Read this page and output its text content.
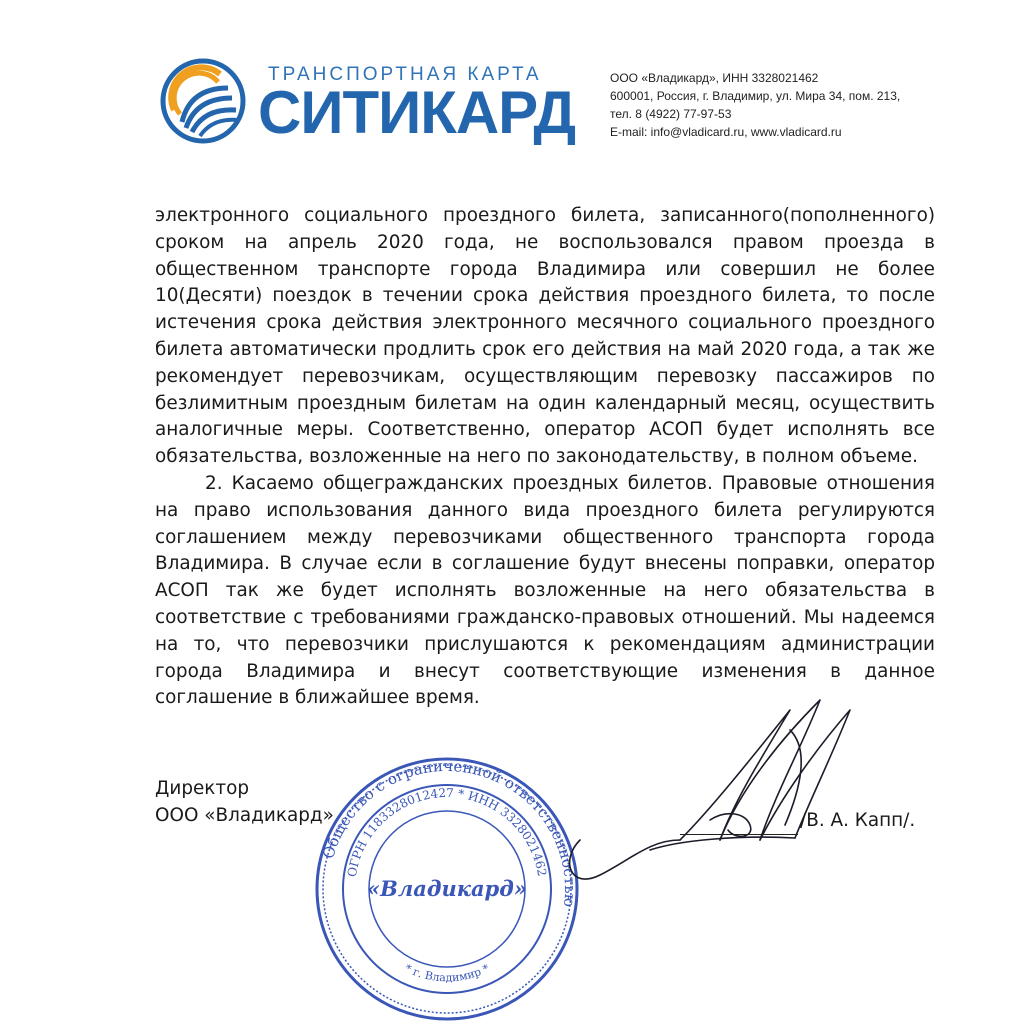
ТРАНСПОРТНАЯ КАРТА
СИТИКАРД
ООО «Владикард», ИНН 3328021462
600001, Россия, г. Владимир, ул. Мира 34, пом. 213,
тел. 8 (4922) 77-97-53
E-mail: info@vladicard.ru, www.vladicard.ru

электронного социального проездного билета, записанного(пополненного) сроком на апрель 2020 года, не воспользовался правом проезда в общественном транспорте города Владимира или совершил не более 10(Десяти) поездок в течении срока действия проездного билета, то после истечения срока действия электронного месячного социального проездного билета автоматически продлить срок его действия на май 2020 года, а так же рекомендует перевозчикам, осуществляющим перевозку пассажиров по безлимитным проездным билетам на один календарный месяц, осуществить аналогичные меры. Соответственно, оператор АСОП будет исполнять все обязательства, возложенные на него по законодательству, в полном объеме.

2. Касаемо общегражданских проездных билетов. Правовые отношения на право использования данного вида проездного билета регулируются соглашением между перевозчиками общественного транспорта города Владимира. В случае если в соглашение будут внесены поправки, оператор АСОП так же будет исполнять возложенные на него обязательства в соответствие с требованиями гражданско-правовых отношений. Мы надеемся на то, что перевозчики прислушаются к рекомендациям администрации города Владимира и внесут соответствующие изменения в данное соглашение в ближайшее время.

Директор
ООО «Владикард»
Общество с ограниченной ответственностью
ОГРН 1183328012427 * ИНН 3328021462
* г. Владимир *
«Владикард»
/В. А. Капп/.
